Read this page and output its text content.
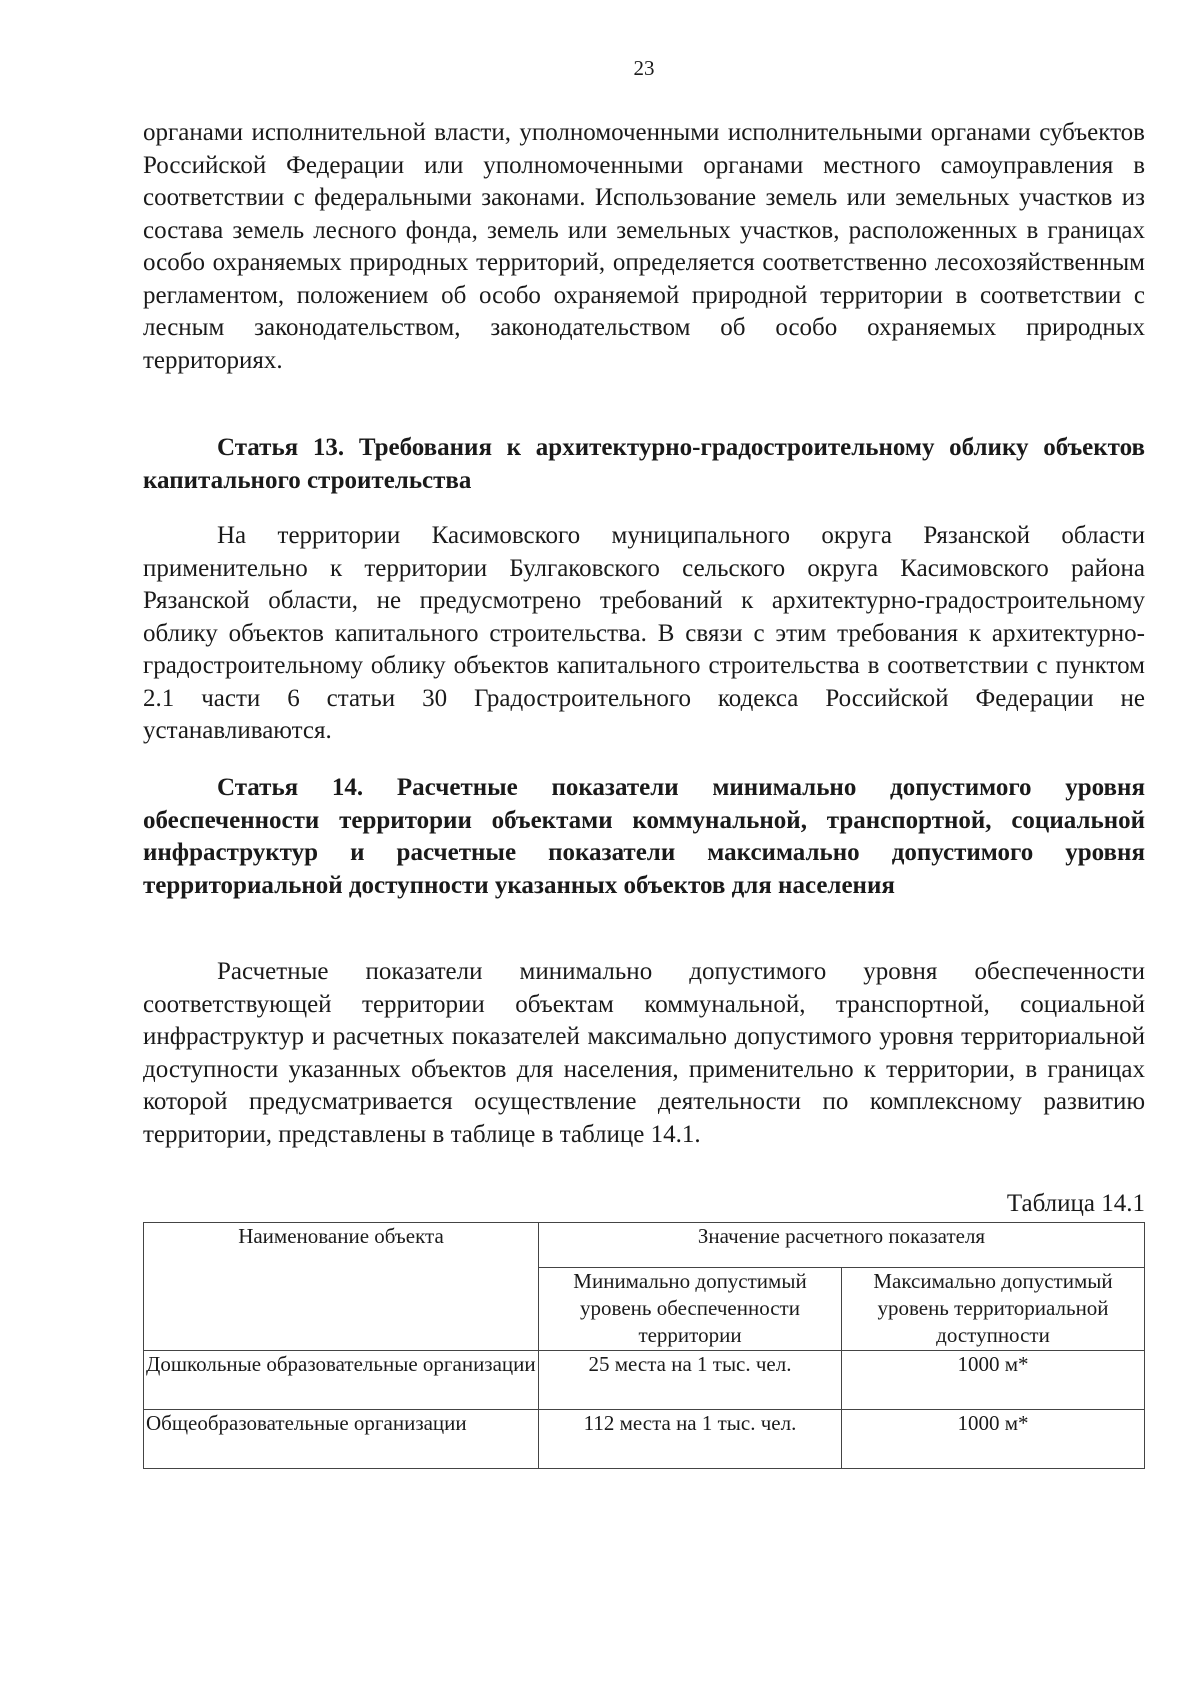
23

органами исполнительной власти, уполномоченными исполнительными органами субъектов Российской Федерации или уполномоченными органами местного самоуправления в соответствии с федеральными законами. Использование земель или земельных участков из состава земель лесного фонда, земель или земельных участков, расположенных в границах особо охраняемых природных территорий, определяется соответственно лесохозяйственным регламентом, положением об особо охраняемой природной территории в соответствии с лесным законодательством, законодательством об особо охраняемых природных территориях.

Статья 13. Требования к архитектурно-градостроительному облику объектов капитального строительства

На территории Касимовского муниципального округа Рязанской области применительно к территории Булгаковского сельского округа Касимовского района Рязанской области, не предусмотрено требований к архитектурно-градостроительному облику объектов капитального строительства. В связи с этим требования к архитектурно-градостроительному облику объектов капитального строительства в соответствии с пунктом 2.1 части 6 статьи 30 Градостроительного кодекса Российской Федерации не устанавливаются.

Статья 14. Расчетные показатели минимально допустимого уровня обеспеченности территории объектами коммунальной, транспортной, социальной инфраструктур и расчетные показатели максимально допустимого уровня территориальной доступности указанных объектов для населения

Расчетные показатели минимально допустимого уровня обеспеченности соответствующей территории объектам коммунальной, транспортной, социальной инфраструктур и расчетных показателей максимально допустимого уровня территориальной доступности указанных объектов для населения, применительно к территории, в границах которой предусматривается осуществление деятельности по комплексному развитию территории, представлены в таблице в таблице 14.1.

Таблица 14.1
Наименование объекта	Значение расчетного показателя	
	Минимально допустимый уровень обеспеченности территории	Максимально допустимый уровень территориальной доступности
Дошкольные образовательные организации	25 места на 1 тыс. чел.	1000 м*
Общеобразовательные организации	112 места на 1 тыс. чел.	1000 м*
